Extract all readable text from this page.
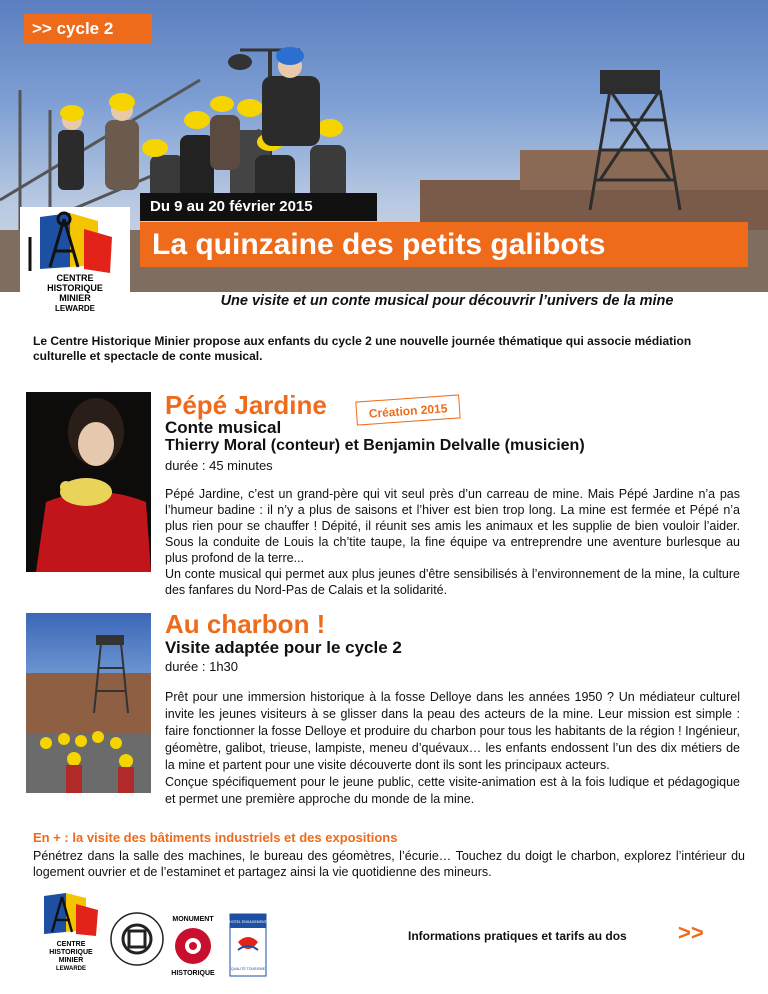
>> cycle 2
Du 9 au 20 février 2015
La quinzaine des petits galibots
CENTRE
HISTORIQUE
MINIER
LEWARDE	Une visite et un conte musical pour découvrir l’univers de la mine
Le Centre Historique Minier propose aux enfants du cycle 2 une nouvelle journée thématique qui associe médiation culturelle et spectacle de conte musical.
Pépé Jardine	Création 2015
Conte musical
Thierry Moral (conteur) et Benjamin Delvalle (musicien)
durée : 45 minutes
Pépé Jardine, c’est un grand-père qui vit seul près d’un carreau de mine. Mais Pépé Jardine n’a pas l’humeur badine : il n’y a plus de saisons et l’hiver est bien trop long. La mine est fermée et Pépé n’a plus rien pour se chauffer ! Dépité, il réunit ses amis les animaux et les supplie de bien vouloir l’aider. Sous la conduite de Louis la ch’tite taupe, la fine équipe va entreprendre une aventure burlesque au plus profond de la terre...
Un conte musical qui permet aux plus jeunes d'être sensibilisés à l’environnement de la mine, la culture des fanfares du Nord-Pas de Calais et la solidarité.
Au charbon !
Visite adaptée pour le cycle 2
durée : 1h30
Prêt pour une immersion historique à la fosse Delloye dans les années 1950 ? Un médiateur culturel invite les jeunes visiteurs à se glisser dans la peau des acteurs de la mine. Leur mission est simple : faire fonctionner la fosse Delloye et produire du charbon pour tous les habitants de la région ! Ingénieur, géomètre, galibot, trieuse, lampiste, meneu d’quévaux… les enfants endossent l’un des dix métiers de la mine et partent pour une visite découverte dont ils sont les principaux acteurs.
Conçue spécifiquement pour le jeune public, cette visite-animation est à la fois ludique et pédagogique et permet une première approche du monde de la mine.
En + : la visite des bâtiments industriels et des expositions
Pénétrez dans la salle des machines, le bureau des géomètres, l’écurie… Touchez du doigt le charbon, explorez l’intérieur du logement ouvrier et de l’estaminet et partagez ainsi la vie quotidienne des mineurs.
CENTRE
HISTORIQUE
MINIER
LEWARDE
MONUMENT
HISTORIQUE
HOTEL ENGAGEMENT
QUALITÉ TOURISME
Informations pratiques et tarifs au dos >>
